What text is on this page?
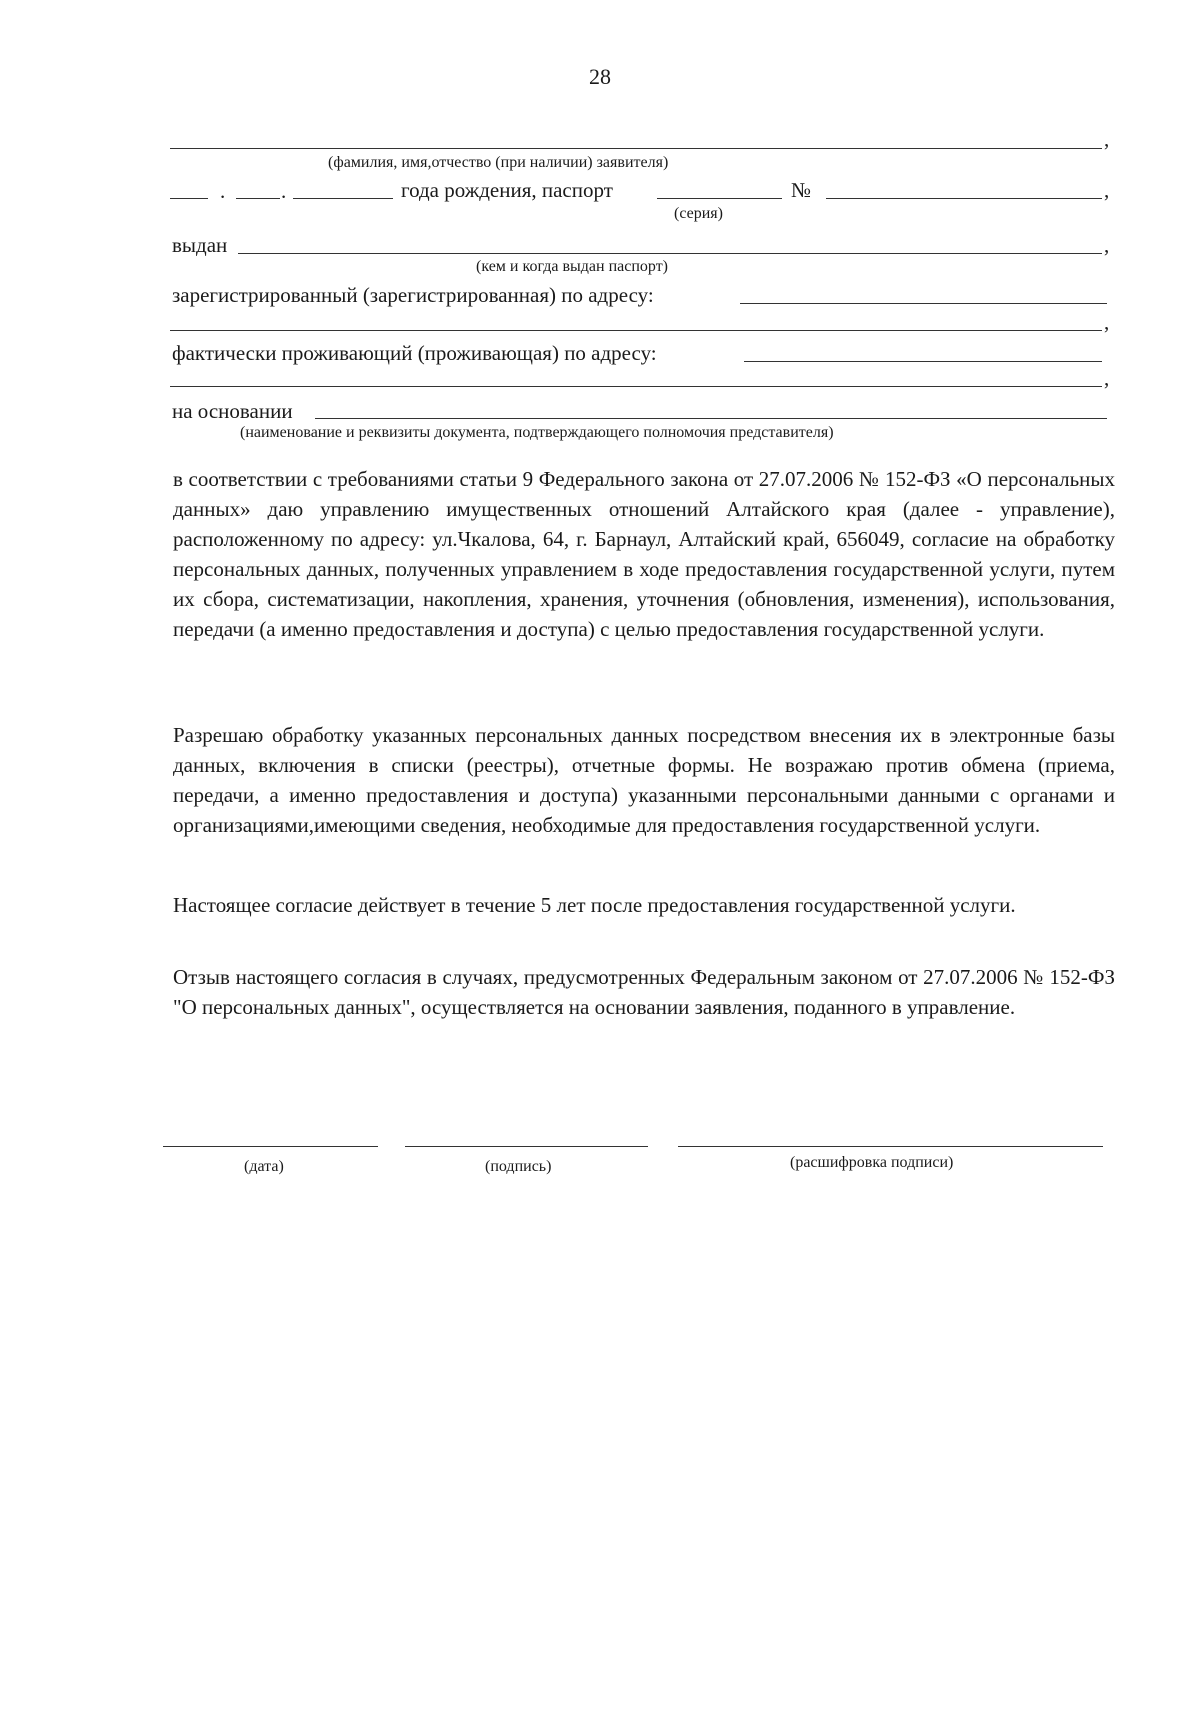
28
,
(фамилия, имя,отчество (при наличии) заявителя)
.	.	года рождения, паспорт	№	,
(серия)
выдан	,
(кем и когда выдан паспорт)
зарегистрированный (зарегистрированная) по адресу:
,
фактически проживающий (проживающая) по адресу:
,
на основании
(наименование и реквизиты документа, подтверждающего полномочия представителя)
в соответствии с требованиями статьи 9 Федерального закона от 27.07.2006 № 152-ФЗ «О персональных данных» даю управлению имущественных отношений Алтайского края (далее - управление), расположенному по адресу: ул.Чкалова, 64, г. Барнаул, Алтайский край, 656049, согласие на обработку персональных данных, полученных управлением в ходе предоставления государственной услуги, путем их сбора, систематизации, накопления, хранения, уточнения (обновления, изменения), использования, передачи (а именно предоставления и доступа) с целью предоставления государственной услуги.
Разрешаю обработку указанных персональных данных посредством внесения их в электронные базы данных, включения в списки (реестры), отчетные формы. Не возражаю против обмена (приема, передачи, а именно предоставления и доступа) указанными персональными данными с органами и организациями,имеющими сведения, необходимые для предоставления государственной услуги.
Настоящее согласие действует в течение 5 лет после предоставления государственной услуги.
Отзыв настоящего согласия в случаях, предусмотренных Федеральным законом от 27.07.2006 № 152-ФЗ "О персональных данных", осуществляется на основании заявления, поданного в управление.
(дата)	(подпись)	(расшифровка подписи)
